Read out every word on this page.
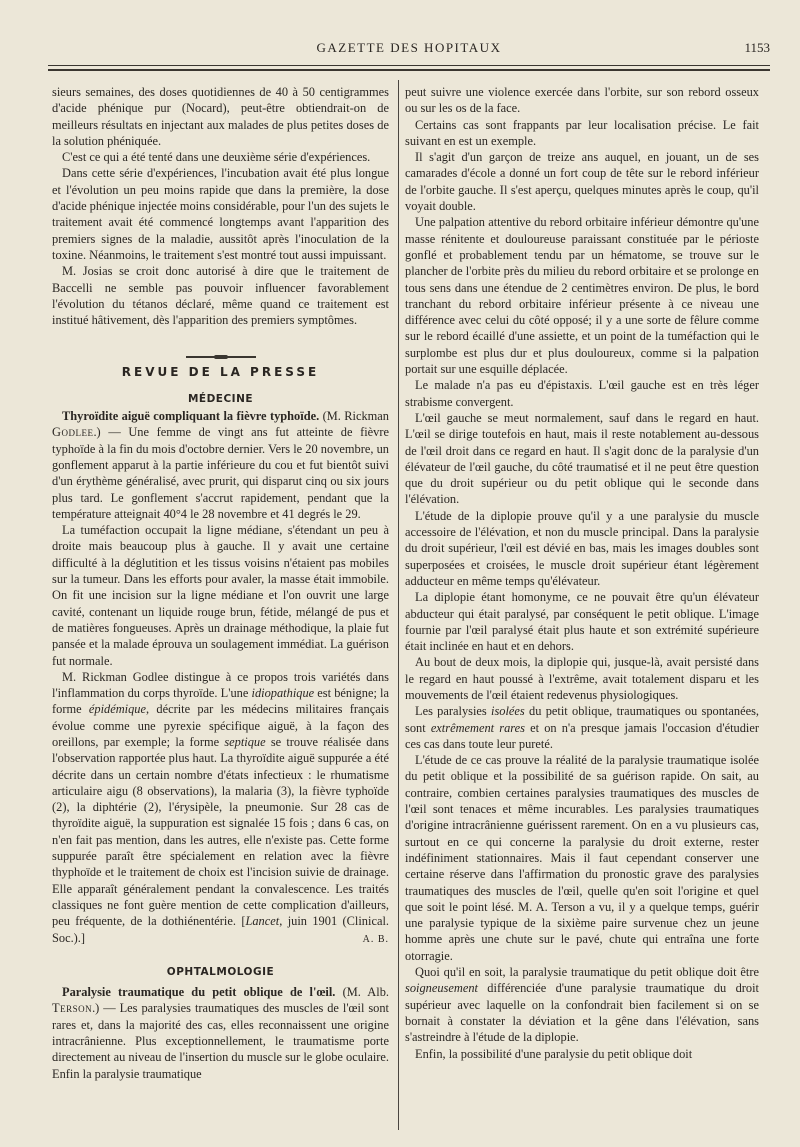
GAZETTE DES HOPITAUX	1153

sieurs semaines, des doses quotidiennes de 40 à 50 centigrammes d'acide phénique pur (Nocard), peut-être obtiendrait-on de meilleurs résultats en injectant aux malades de plus petites doses de la solution phéniquée.

C'est ce qui a été tenté dans une deuxième série d'expériences.

Dans cette série d'expériences, l'incubation avait été plus longue et l'évolution un peu moins rapide que dans la première, la dose d'acide phénique injectée moins considérable, pour l'un des sujets le traitement avait été commencé longtemps avant l'apparition des premiers signes de la maladie, aussitôt après l'inoculation de la toxine. Néanmoins, le traitement s'est montré tout aussi impuissant.

M. Josias se croit donc autorisé à dire que le traitement de Baccelli ne semble pas pouvoir influencer favorablement l'évolution du tétanos déclaré, même quand ce traitement est institué hâtivement, dès l'apparition des premiers symptômes.

REVUE DE LA PRESSE
MÉDECINE

Thyroïdite aiguë compliquant la fièvre typhoïde. (M. Rickman Godlee.) — Une femme de vingt ans fut atteinte de fièvre typhoïde à la fin du mois d'octobre dernier. Vers le 20 novembre, un gonflement apparut à la partie inférieure du cou et fut bientôt suivi d'un érythème généralisé, avec prurit, qui disparut cinq ou six jours plus tard. Le gonflement s'accrut rapidement, pendant que la température atteignait 40°4 le 28 novembre et 41 degrés le 29.

La tuméfaction occupait la ligne médiane, s'étendant un peu à droite mais beaucoup plus à gauche. Il y avait une certaine difficulté à la déglutition et les tissus voisins n'étaient pas mobiles sur la tumeur. Dans les efforts pour avaler, la masse était immobile. On fit une incision sur la ligne médiane et l'on ouvrit une large cavité, contenant un liquide rouge brun, fétide, mélangé de pus et de matières fongueuses. Après un drainage méthodique, la plaie fut pansée et la malade éprouva un soulagement immédiat. La guérison fut normale.

M. Rickman Godlee distingue à ce propos trois variétés dans l'inflammation du corps thyroïde. L'une idiopathique est bénigne; la forme épidémique, décrite par les médecins militaires français évolue comme une pyrexie spécifique aiguë, à la façon des oreillons, par exemple; la forme septique se trouve réalisée dans l'observation rapportée plus haut. La thyroïdite aiguë suppurée a été décrite dans un certain nombre d'états infectieux : le rhumatisme articulaire aigu (8 observations), la malaria (3), la fièvre typhoïde (2), la diphtérie (2), l'érysipèle, la pneumonie. Sur 28 cas de thyroïdite aiguë, la suppuration est signalée 15 fois ; dans 6 cas, on n'en fait pas mention, dans les autres, elle n'existe pas. Cette forme suppurée paraît être spécialement en relation avec la fièvre thyphoïde et le traitement de choix est l'incision suivie de drainage. Elle apparaît généralement pendant la convalescence. Les traités classiques ne font guère mention de cette complication d'ailleurs, peu fréquente, de la dothiénentérie. [Lancet, juin 1901 (Clinical. Soc.).]	A. B.

OPHTALMOLOGIE

Paralysie traumatique du petit oblique de l'œil. (M. Alb. Terson.) — Les paralysies traumatiques des muscles de l'œil sont rares et, dans la majorité des cas, elles reconnaissent une origine intracrânienne. Plus exceptionnellement, le traumatisme porte directement au niveau de l'insertion du muscle sur le globe oculaire. Enfin la paralysie traumatique

peut suivre une violence exercée dans l'orbite, sur son rebord osseux ou sur les os de la face.

Certains cas sont frappants par leur localisation précise. Le fait suivant en est un exemple.

Il s'agit d'un garçon de treize ans auquel, en jouant, un de ses camarades d'école a donné un fort coup de tête sur le rebord inférieur de l'orbite gauche. Il s'est aperçu, quelques minutes après le coup, qu'il voyait double.

Une palpation attentive du rebord orbitaire inférieur démontre qu'une masse rénitente et douloureuse paraissant constituée par le périoste gonflé et probablement tendu par un hématome, se trouve sur le plancher de l'orbite près du milieu du rebord orbitaire et se prolonge en tous sens dans une étendue de 2 centimètres environ. De plus, le bord tranchant du rebord orbitaire inférieur présente à ce niveau une différence avec celui du côté opposé; il y a une sorte de fêlure comme sur le rebord écaillé d'une assiette, et un point de la tuméfaction qui le surplombe est plus dur et plus douloureux, comme si la palpation portait sur une esquille déplacée.

Le malade n'a pas eu d'épistaxis. L'œil gauche est en très léger strabisme convergent.

L'œil gauche se meut normalement, sauf dans le regard en haut. L'œil se dirige toutefois en haut, mais il reste notablement au-dessous de l'œil droit dans ce regard en haut. Il s'agit donc de la paralysie d'un élévateur de l'œil gauche, du côté traumatisé et il ne peut être question que du droit supérieur ou du petit oblique qui le seconde dans l'élévation.

L'étude de la diplopie prouve qu'il y a une paralysie du muscle accessoire de l'élévation, et non du muscle principal. Dans la paralysie du droit supérieur, l'œil est dévié en bas, mais les images doubles sont superposées et croisées, le muscle droit supérieur étant légèrement adducteur en même temps qu'élévateur.

La diplopie étant homonyme, ce ne pouvait être qu'un élévateur abducteur qui était paralysé, par conséquent le petit oblique. L'image fournie par l'œil paralysé était plus haute et son extrémité supérieure était inclinée en haut et en dehors.

Au bout de deux mois, la diplopie qui, jusque-là, avait persisté dans le regard en haut poussé à l'extrême, avait totalement disparu et les mouvements de l'œil étaient redevenus physiologiques.

Les paralysies isolées du petit oblique, traumatiques ou spontanées, sont extrêmement rares et on n'a presque jamais l'occasion d'étudier ces cas dans toute leur pureté.

L'étude de ce cas prouve la réalité de la paralysie traumatique isolée du petit oblique et la possibilité de sa guérison rapide. On sait, au contraire, combien certaines paralysies traumatiques des muscles de l'œil sont tenaces et même incurables. Les paralysies traumatiques d'origine intracrânienne guérissent rarement. On en a vu plusieurs cas, surtout en ce qui concerne la paralysie du droit externe, rester indéfiniment stationnaires. Mais il faut cependant conserver une certaine réserve dans l'affirmation du pronostic grave des paralysies traumatiques des muscles de l'œil, quelle qu'en soit l'origine et quel que soit le point lésé. M. A. Terson a vu, il y a quelque temps, guérir une paralysie typique de la sixième paire survenue chez un jeune homme après une chute sur le pavé, chute qui entraîna une forte otorragie.

Quoi qu'il en soit, la paralysie traumatique du petit oblique doit être soigneusement différenciée d'une paralysie traumatique du droit supérieur avec laquelle on la confondrait bien facilement si on se bornait à constater la déviation et la gêne dans l'élévation, sans s'astreindre à l'étude de la diplopie.

Enfin, la possibilité d'une paralysie du petit oblique doit
